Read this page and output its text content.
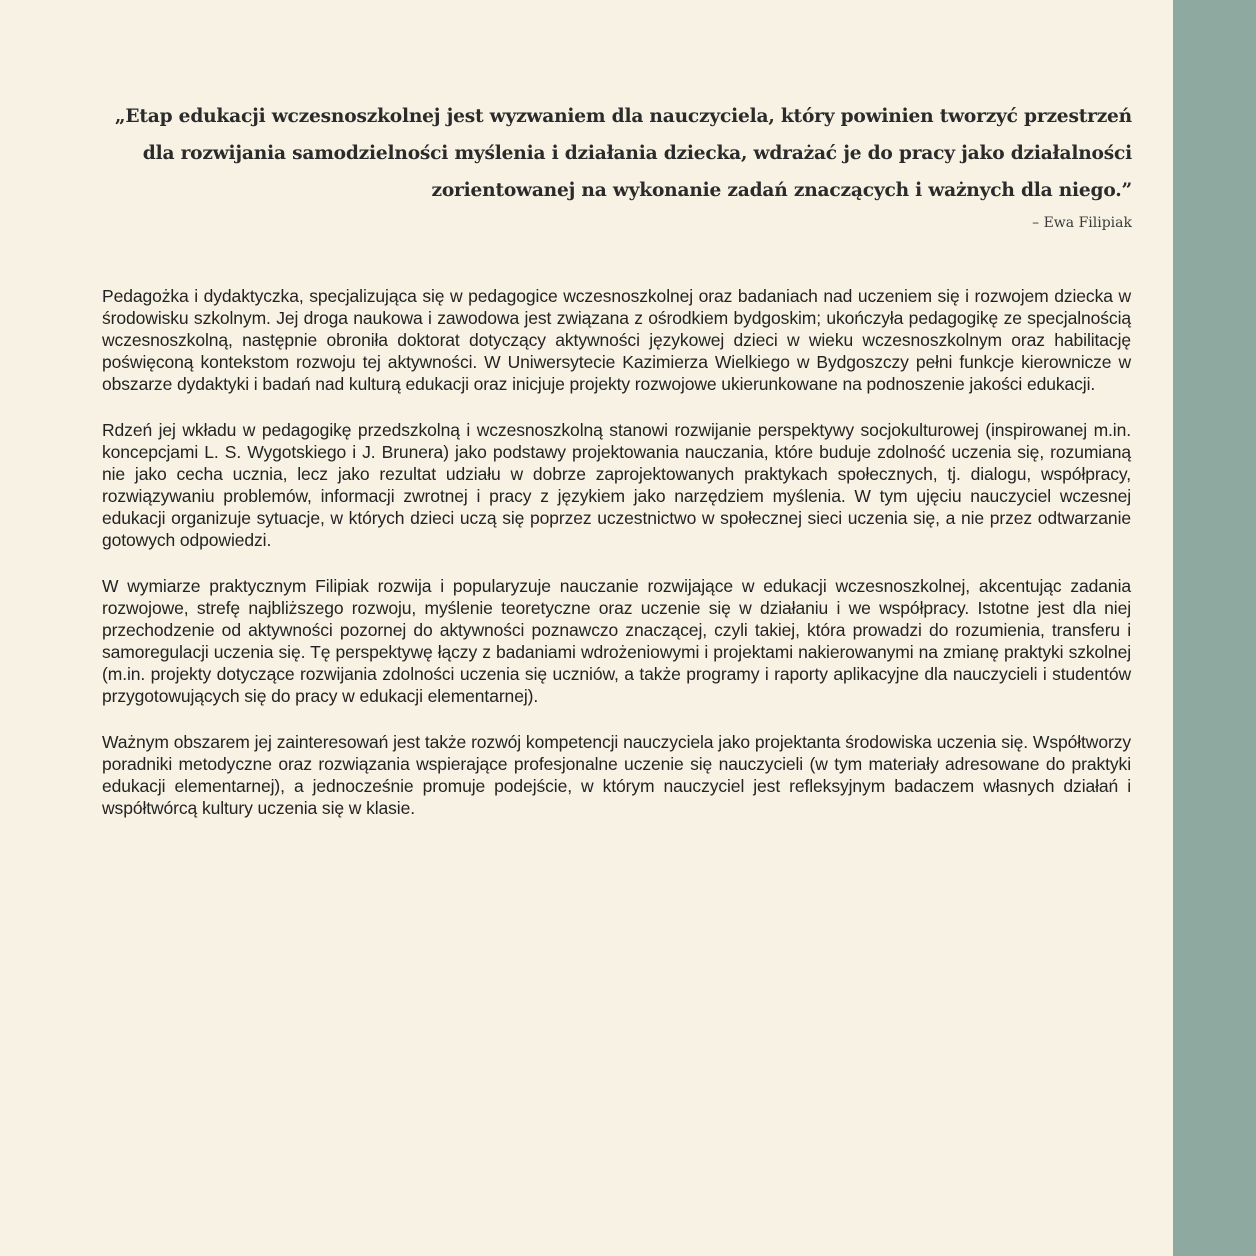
„Etap edukacji wczesnoszkolnej jest wyzwaniem dla nauczyciela, który powinien tworzyć przestrzeń dla rozwijania samodzielności myślenia i działania dziecka, wdrażać je do pracy jako działalności zorientowanej na wykonanie zadań znaczących i ważnych dla niego.”

– Ewa Filipiak

Pedagożka i dydaktyczka, specjalizująca się w pedagogice wczesnoszkolnej oraz badaniach nad uczeniem się i rozwojem dziecka w środowisku szkolnym. Jej droga naukowa i zawodowa jest związana z ośrodkiem bydgoskim; ukończyła pedagogikę ze specjalnością wczesnoszkolną, następnie obroniła doktorat dotyczący aktywności językowej dzieci w wieku wczesnoszkolnym oraz habilitację poświęconą kontekstom rozwoju tej aktywności. W Uniwersytecie Kazimierza Wielkiego w Bydgoszczy pełni funkcje kierownicze w obszarze dydaktyki i badań nad kulturą edukacji oraz inicjuje projekty rozwojowe ukierunkowane na podnoszenie jakości edukacji.

Rdzeń jej wkładu w pedagogikę przedszkolną i wczesnoszkolną stanowi rozwijanie perspektywy socjokulturowej (inspirowanej m.in. koncepcjami L. S. Wygotskiego i J. Brunera) jako podstawy projektowania nauczania, które buduje zdolność uczenia się, rozumianą nie jako cecha ucznia, lecz jako rezultat udziału w dobrze zaprojektowanych praktykach społecznych, tj. dialogu, współpracy, rozwiązywaniu problemów, informacji zwrotnej i pracy z językiem jako narzędziem myślenia. W tym ujęciu nauczyciel wczesnej edukacji organizuje sytuacje, w których dzieci uczą się poprzez uczestnictwo w społecznej sieci uczenia się, a nie przez odtwarzanie gotowych odpowiedzi.

W wymiarze praktycznym Filipiak rozwija i popularyzuje nauczanie rozwijające w edukacji wczesnoszkolnej, akcentując zadania rozwojowe, strefę najbliższego rozwoju, myślenie teoretyczne oraz uczenie się w działaniu i we współpracy. Istotne jest dla niej przechodzenie od aktywności pozornej do aktywności poznawczo znaczącej, czyli takiej, która prowadzi do rozumienia, transferu i samoregulacji uczenia się. Tę perspektywę łączy z badaniami wdrożeniowymi i projektami nakierowanymi na zmianę praktyki szkolnej (m.in. projekty dotyczące rozwijania zdolności uczenia się uczniów, a także programy i raporty aplikacyjne dla nauczycieli i studentów przygotowujących się do pracy w edukacji elementarnej).

Ważnym obszarem jej zainteresowań jest także rozwój kompetencji nauczyciela jako projektanta środowiska uczenia się. Współtworzy poradniki metodyczne oraz rozwiązania wspierające profesjonalne uczenie się nauczycieli (w tym materiały adresowane do praktyki edukacji elementarnej), a jednocześnie promuje podejście, w którym nauczyciel jest refleksyjnym badaczem własnych działań i współtwórcą kultury uczenia się w klasie.
